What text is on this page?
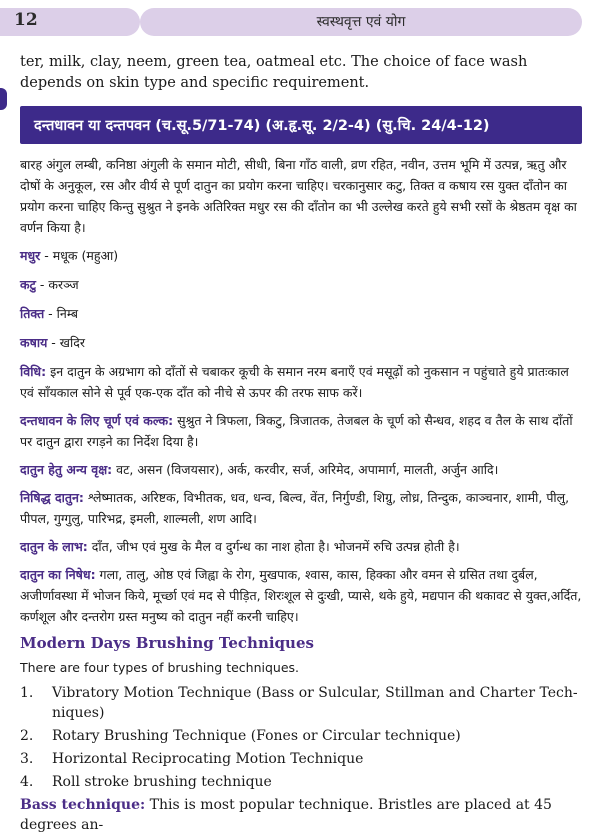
12	स्वस्थवृत्त एवं योग

ter, milk, clay, neem, green tea, oatmeal etc. The choice of face wash depends on skin type and specific requirement.

दन्तधावन या दन्तपवन (च.सू.5/71-74) (अ.हृ.सू. 2/2-4) (सु.चि. 24/4-12)

बारह अंगुल लम्बी, कनिष्ठा अंगुली के समान मोटी, सीधी, बिना गाँठ वाली, व्रण रहित, नवीन, उत्तम भूमि में उत्पन्न, ऋतु और दोषों के अनुकूल, रस और वीर्य से पूर्ण दातुन का प्रयोग करना चाहिए। चरकानुसार कटु, तिक्त व कषाय रस युक्त दाँतोन का प्रयोग करना चाहिए किन्तु सुश्रुत ने इनके अतिरिक्त मधुर रस की दाँतोन का भी उल्लेख करते हुये सभी रसों के श्रेष्ठतम वृक्ष का वर्णन किया है।

मधुर - मधूक (महुआ)

कटु - करञ्ज

तिक्त - निम्ब

कषाय - खदिर

विधि: इन दातुन के अग्रभाग को दाँतों से चबाकर कूची के समान नरम बनाएँ एवं मसूढ़ों को नुकसान न पहुंचाते हुये प्रातःकाल एवं साँयकाल सोने से पूर्व एक-एक दाँत को नीचे से ऊपर की तरफ साफ करें।

दन्तधावन के लिए चूर्ण एवं कल्क: सुश्रुत ने त्रिफला, त्रिकटु, त्रिजातक, तेजबल के चूर्ण को सैन्धव, शहद व तैल के साथ दाँतों पर दातुन द्वारा रगड़ने का निर्देश दिया है।

दातुन हेतु अन्य वृक्ष: वट, असन (विजयसार), अर्क, करवीर, सर्ज, अरिमेद, अपामार्ग, मालती, अर्जुन आदि।

निषिद्ध दातुन: श्लेष्मातक, अरिष्टक, विभीतक, धव, धन्व, बिल्व, वेंत, निर्गुण्डी, शिग्रु, लोध्र, तिन्दुक, काञ्चनार, शामी, पीलु, पीपल, गुग्गुलु, पारिभद्र, इमली, शाल्मली, शण आदि।

दातुन के लाभ: दाँत, जीभ एवं मुख के मैल व दुर्गन्ध का नाश होता है। भोजनमें रुचि उत्पन्न होती है।

दातुन का निषेध: गला, तालु, ओष्ठ एवं जिह्वा के रोग, मुखपाक, श्वास, कास, हिक्का और वमन से ग्रसित तथा दुर्बल, अजीर्णावस्था में भोजन किये, मूर्च्छा एवं मद से पीड़ित, शिरःशूल से दुःखी, प्यासे, थके हुये, मद्यपान की थकावट से युक्त,अर्दित, कर्णशूल और दन्तरोग ग्रस्त मनुष्य को दातुन नहीं करनी चाहिए।

Modern Days Brushing Techniques

There are four types of brushing techniques.

1.	Vibratory Motion Technique (Bass or Sulcular, Stillman and Charter Tech- niques)
2.	Rotary Brushing Technique (Fones or Circular technique)
3.	Horizontal Reciprocating Motion Technique
4.	Roll stroke brushing technique

Bass technique: This is most popular technique. Bristles are placed at 45 degrees an-
